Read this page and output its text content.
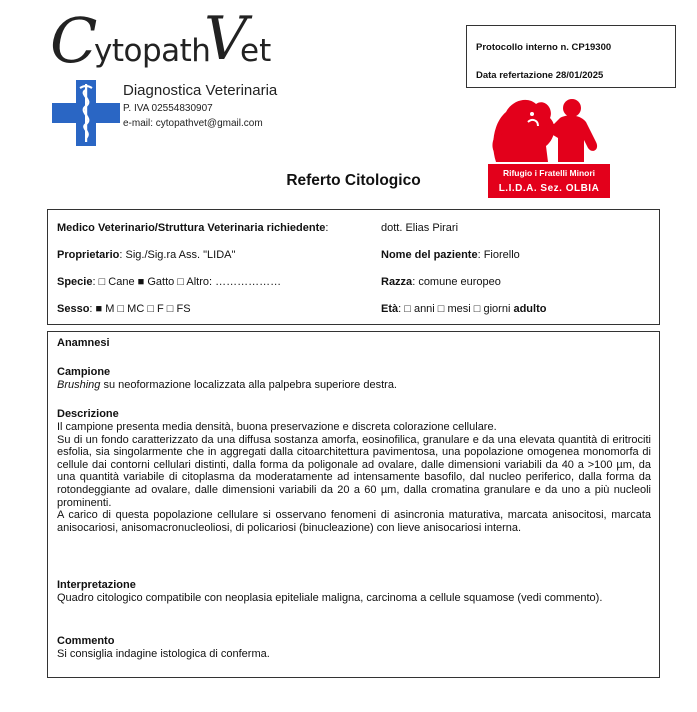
C
ytopath
V
et
Diagnostica Veterinaria
P. IVA 02554830907
e-mail: cytopathvet@gmail.com
Protocollo interno n. CP19300
Data refertazione 28/01/2025
Rifugio i Fratelli Minori
L.I.D.A. Sez. OLBIA
Referto Citologico
Medico Veterinario/Struttura Veterinaria richiedente:	dott. Elias Pirari
Proprietario: Sig./Sig.ra Ass. "LIDA"	Nome del paziente: Fiorello
Specie: □ Cane ■ Gatto □ Altro: ………………	Razza: comune europeo
Sesso: ■ M □ MC □ F □ FS	Età: □ anni □ mesi □ giorni adulto
Anamnesi
Campione
Brushing su neoformazione localizzata alla palpebra superiore destra.
Descrizione
Il campione presenta media densità, buona preservazione e discreta colorazione cellulare.
Su di un fondo caratterizzato da una diffusa sostanza amorfa, eosinofilica, granulare e da una elevata quantità di eritrociti esfolia, sia singolarmente che in aggregati dalla citoarchitettura pavimentosa, una popolazione omogenea monomorfa di cellule dai contorni cellulari distinti, dalla forma da poligonale ad ovalare, dalle dimensioni variabili da 40 a >100 µm, da una quantità variabile di citoplasma da moderatamente ad intensamente basofilo, dal nucleo periferico, dalla forma da rotondeggiante ad ovalare, dalle dimensioni variabili da 20 a 60 µm, dalla cromatina granulare e da uno a più nucleoli prominenti.
A carico di questa popolazione cellulare si osservano fenomeni di asincronia maturativa, marcata anisocitosi, marcata anisocariosi, anisomacronucleoliosi, di policariosi (binucleazione) con lieve anisocariosi interna.
Interpretazione
Quadro citologico compatibile con neoplasia epiteliale maligna, carcinoma a cellule squamose (vedi commento).
Commento
Si consiglia indagine istologica di conferma.
